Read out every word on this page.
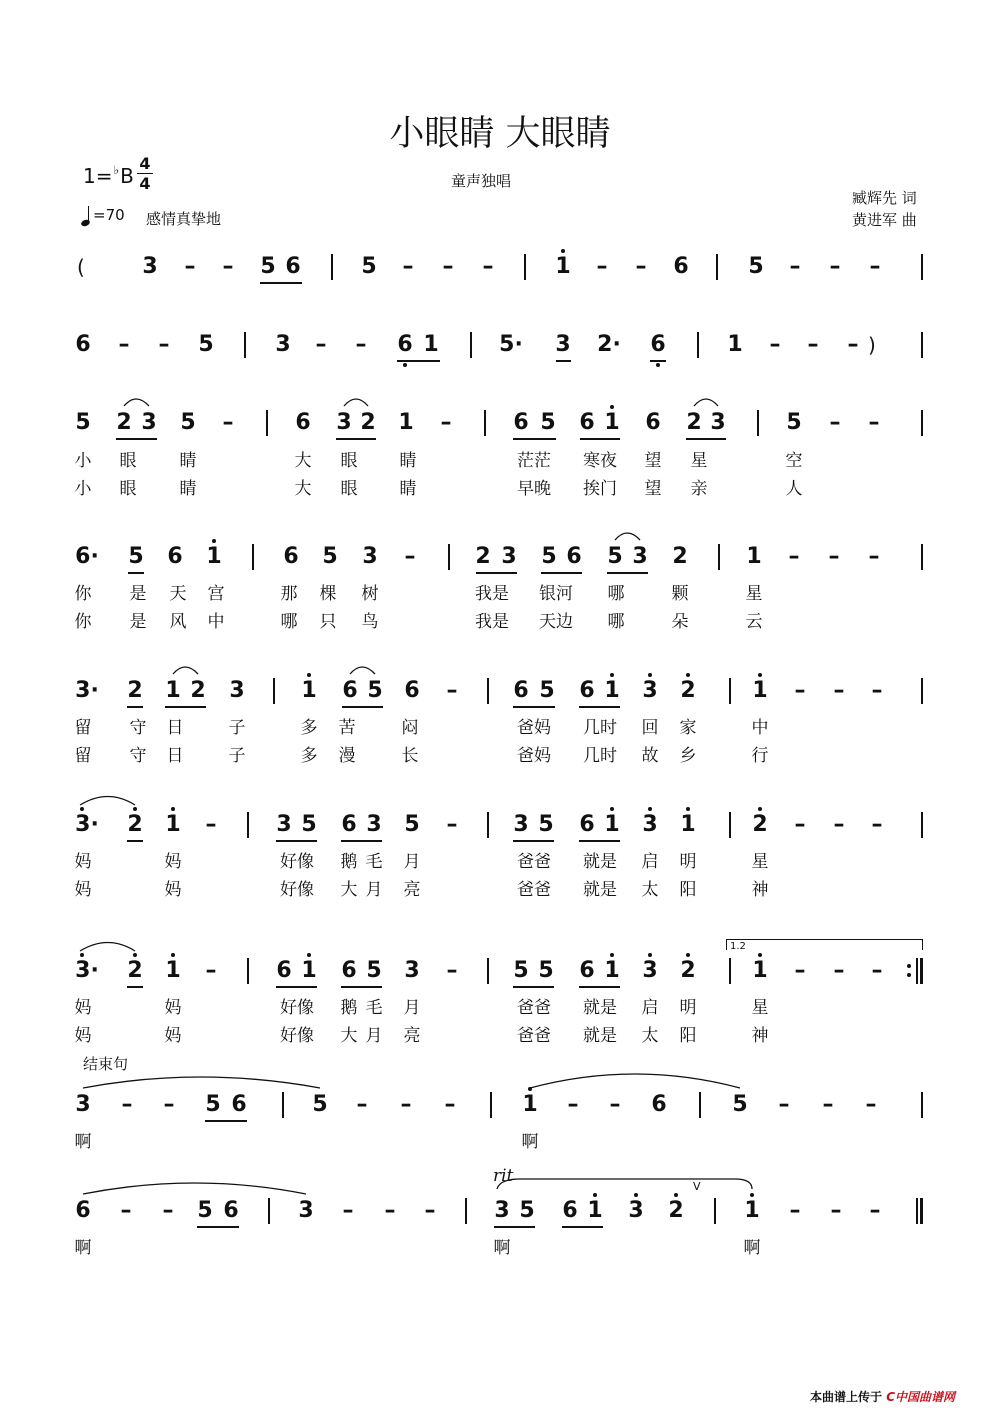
小眼睛 大眼睛
童声独唱
1=♭B
4
4
=70 感情真挚地
臧辉先 词
黄进军 曲
3 – – 5 6	5 – – –	1 – – 6	5 – – –
(
6 – – 5	3 – – 6 1	5· 3 2· 6	1 – – – )
5 2 3 5 –	6 3 2 1 –	6 5 6 1 6 2 3	5 – –
小 眼	睛	大 眼 睛	茫茫 寒夜 望 星	空
小 眼	睛	大 眼 睛	早晚 挨门 望 亲	人
6· 5 6 1	6 5 3 –	2 3 5 6 5 3 2	1 – – –
你 是 天 宫	那 棵 树	我是 银河 哪	颗	星
你 是 风 中	哪 只 鸟	我是 天边 哪	朵	云
3· 2 1 2 3	1 6 5 6 –	6 5 6 1 3 2	1 – – –
留 守 日	子	多 苦	闷	爸妈 几时 回 家	中
留 守 日	子	多 漫	长	爸妈 几时 故 乡	行
3· 2 1 –	3 5 6 3 5 –	3 5 6 1 3 1	2 – – –
妈	妈	好像 鹅 毛 月	爸爸 就是 启 明	星
妈	妈	好像 大 月 亮	爸爸 就是 太 阳	神
3· 2 1 –	6 1 6 5 3 –	5 5 6 1 3 2	1 – – –
妈	妈	好像 鹅 毛 月	爸爸 就是 启 明	星
妈	妈	好像 大 月 亮	爸爸 就是 太 阳	神
3 – – 5 6	5 – – –	1 – – 6	5 – – –
啊	啊
6 – – 5 6	3 – – –	3 5 6 1 3 2	1 – – –
啊	啊	啊
结束句
rit
V
1.2
本曲谱上传于 C中国曲谱网
